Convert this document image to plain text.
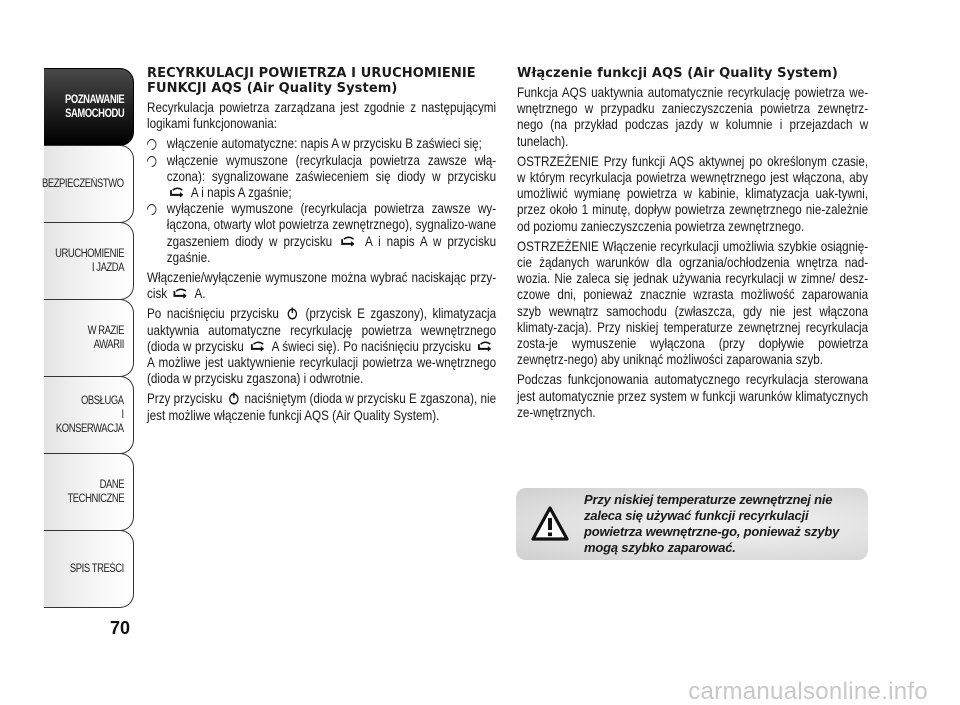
POZNAWANIE
SAMOCHODU
BEZPIECZEŃSTWO
URUCHOMIENIE
I JAZDA
W RAZIE AWARII
OBSŁUGA
I KONSERWACJA
DANE
TECHNICZNE
SPIS TREŚCI
70
RECYRKULACJI POWIETRZA I URUCHOMIENIE
FUNKCJI AQS (Air Quality System)
Recyrkulacja powietrza zarządzana jest zgodnie z następującymi logikami funkcjonowania:
włączenie automatyczne: napis A w przycisku B zaświeci się;
włączenie wymuszone (recyrkulacja powietrza zawsze włą-czona): sygnalizowane zaświeceniem się diody w przycisku  A i napis A zgaśnie;
wyłączenie wymuszone (recyrkulacja powietrza zawsze wy-łączona, otwarty wlot powietrza zewnętrznego), sygnalizo-wane zgaszeniem diody w przycisku A i napis A w przycisku zgaśnie.
Włączenie/wyłączenie wymuszone można wybrać naciskając przy-cisk A.
Po naciśnięciu przycisku (przycisk E zgaszony), klimatyzacja uaktywnia automatyczne recyrkulację powietrza wewnętrznego (dioda w przycisku A świeci się). Po naciśnięciu przycisku  A możliwe jest uaktywnienie recyrkulacji powietrza we-wnętrznego (dioda w przycisku zgaszona) i odwrotnie.
Przy przycisku naciśniętym (dioda w przycisku E zgaszona), nie jest możliwe włączenie funkcji AQS (Air Quality System).
Włączenie funkcji AQS (Air Quality System)
Funkcja AQS uaktywnia automatycznie recyrkulację powietrza we-wnętrznego w przypadku zanieczyszczenia powietrza zewnętrz-nego (na przykład podczas jazdy w kolumnie i przejazdach w tunelach).
OSTRZEŻENIE Przy funkcji AQS aktywnej po określonym czasie, w którym recyrkulacja powietrza wewnętrznego jest włączona, aby umożliwić wymianę powietrza w kabinie, klimatyzacja uak-tywni, przez około 1 minutę, dopływ powietrza zewnętrznego nie-zależnie od poziomu zanieczyszczenia powietrza zewnętrznego.
OSTRZEŻENIE Włączenie recyrkulacji umożliwia szybkie osiągnię-cie żądanych warunków dla ogrzania/ochłodzenia wnętrza nad-wozia. Nie zaleca się jednak używania recyrkulacji w zimne/ desz-czowe dni, ponieważ znacznie wzrasta możliwość zaparowania szyb wewnątrz samochodu (zwłaszcza, gdy nie jest włączona klimaty-zacja). Przy niskiej temperaturze zewnętrznej recyrkulacja zosta-je wymuszenie wyłączona (przy dopływie powietrza zewnętrz-nego) aby uniknąć możliwości zaparowania szyb.
Podczas funkcjonowania automatycznego recyrkulacja sterowana jest automatycznie przez system w funkcji warunków klimatycznych ze-wnętrznych.
Przy niskiej temperaturze zewnętrznej nie zaleca się używać funkcji recyrkulacji powietrza wewnętrzne-go, ponieważ szyby mogą szybko zaparować.
carmanualsonline.info
